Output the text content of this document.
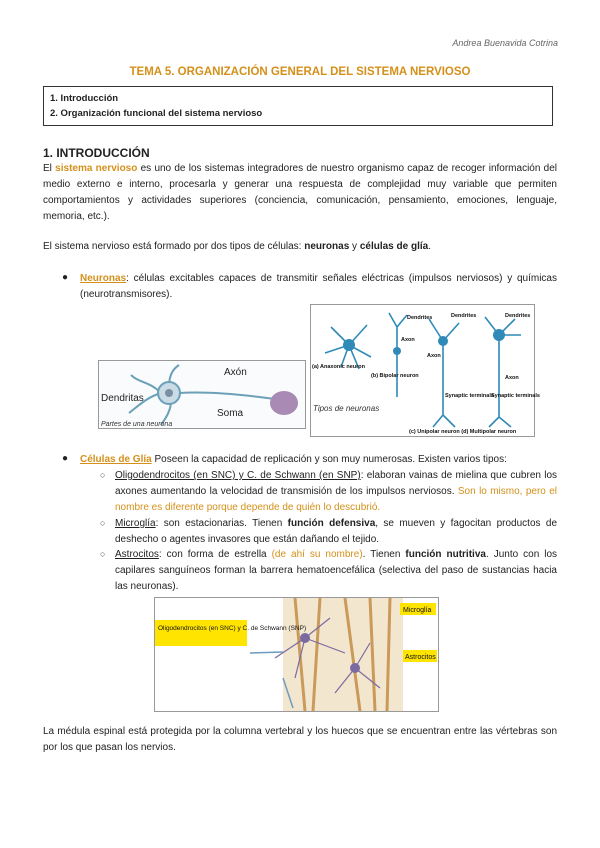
Andrea Buenavida Cotrina
TEMA 5. ORGANIZACIÓN GENERAL DEL SISTEMA NERVIOSO
1. Introducción
2. Organización funcional del sistema nervioso
1. INTRODUCCIÓN
El sistema nervioso es uno de los sistemas integradores de nuestro organismo capaz de recoger información del medio externo e interno, procesarla y generar una respuesta de complejidad muy variable que permiten comportamientos y actividades superiores (conciencia, comunicación, pensamiento, emociones, lenguaje, memoria, etc.).
El sistema nervioso está formado por dos tipos de células: neuronas y células de glía.
● Neuronas: células excitables capaces de transmitir señales eléctricas (impulsos nerviosos) y químicas (neurotransmisores).
Axón
Dendritas
Soma
Partes de una neurona
Dendrites	Dendrites	Dendrites
Axon
Axon
Axon
(a) Anaxonic neuron
(b) Bipolar neuron
Synaptic terminals
Synaptic terminals
(c) Unipolar neuron (d) Multipolar neuron
Tipos de neuronas
● Células de Glía Poseen la capacidad de replicación y son muy numerosas. Existen varios tipos:
○ Oligodendrocitos (en SNC) y C. de Schwann (en SNP): elaboran vainas de mielina que cubren los axones aumentando la velocidad de transmisión de los impulsos nerviosos. Son lo mismo, pero el nombre es diferente porque depende de quién lo descubrió.
○ Microglía: son estacionarias. Tienen función defensiva, se mueven y fagocitan productos de deshecho o agentes invasores que están dañando el tejido.
○ Astrocitos: con forma de estrella (de ahí su nombre). Tienen función nutritiva. Junto con los capilares sanguíneos forman la barrera hematoencefálica (selectiva del paso de sustancias hacia las neuronas).
Oligodendrocitos (en SNC) y C. de Schwann (SNP)
Microglía
Astrocitos
La médula espinal está protegida por la columna vertebral y los huecos que se encuentran entre las vértebras son por los que pasan los nervios.
